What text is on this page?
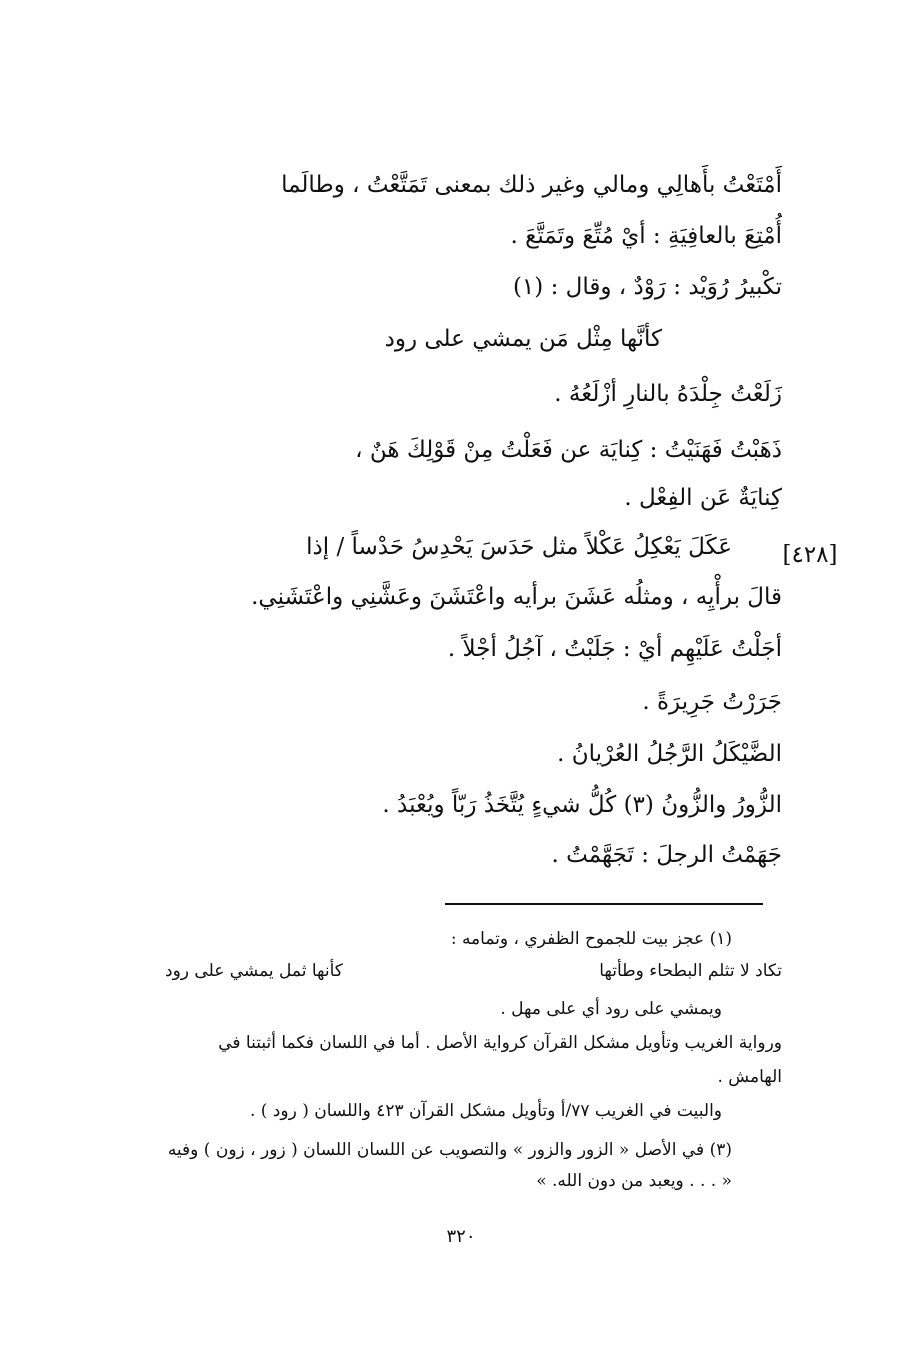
أَمْتَعْتُ بأَهالِي ومالي وغير ذلك بمعنى تَمَتَّعْتُ ، وطالَما
أُمْتِعَ بالعافِيَةِ : أيْ مُتِّعَ وتَمَتَّعَ .
تكْبيرُ رُوَيْد : رَوْدٌ ، وقال : (١)
كأنَّها مِثْل مَن يمشي على رود
زَلَعْتُ جِلْدَهُ بالنارِ أزْلَعُهُ .
ذَهَبْتُ فَهَنَيْتُ : كِنايَة عن فَعَلْتُ مِنْ قَوْلِكَ هَنٌ ،
كِنايَةٌ عَن الفِعْل .
عَكَلَ يَعْكِلُ عَكْلاً مثل حَدَسَ يَحْدِسُ حَدْساً / إذا
قالَ برأْيِه ، ومثلُه عَشَنَ برأيه واعْتَشَنَ وعَشَّنِي واعْتَشَنِي.
أجَلْتُ عَلَيْهِم أيْ : جَلَبْتُ ، آجُلُ أجْلاً .
جَرَرْتُ جَرِيرَةً .
الضَّيْكَلُ الرَّجُلُ العُرْيانُ .
الزُّورُ والزُّونُ (٣) كُلُّ شيءٍ يُتَّخَذُ رَبّاً ويُعْبَدُ .
جَهَمْتُ الرجلَ : تَجَهَّمْتُ .
[٤٢٨]
(١) عجز بيت للجموح الظفري ، وتمامه :
تكاد لا تثلم البطحاء وطأتها
كأنها ثمل يمشي على رود
ويمشي على رود أي على مهل .
ورواية الغريب وتأويل مشكل القرآن كرواية الأصل . أما في اللسان فكما أثبتنا في
الهامش .
والبيت في الغريب ٧٧/أ وتأويل مشكل القرآن ٤٢٣ واللسان ( رود ) .
(٣) في الأصل « الزور والزور » والتصويب عن اللسان اللسان ( زور ، زون ) وفيه
« . . . ويعبد من دون الله. »
٣٢٠
